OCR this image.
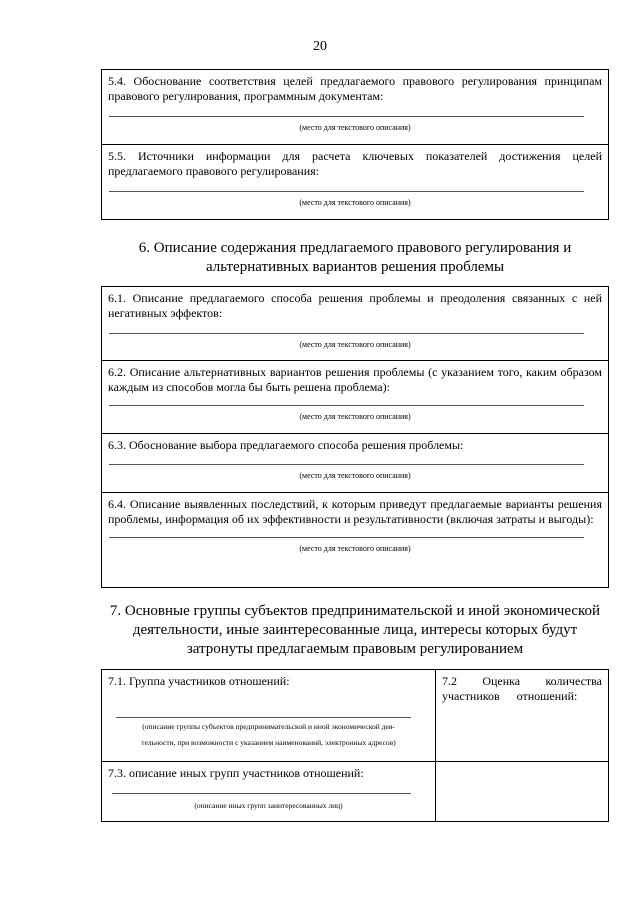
20
5.4. Обоснование соответствия целей предлагаемого правового регулирования принципам правового регулирования, программным документам:
(место для текстового описания)
5.5. Источники информации для расчета ключевых показателей достижения целей предлагаемого правового регулирования:
(место для текстового описания)
6. Описание содержания предлагаемого правового регулирования и
альтернативных вариантов решения проблемы
6.1. Описание предлагаемого способа решения проблемы и преодоления связанных с ней негативных эффектов:
(место для текстового описания)
6.2. Описание альтернативных вариантов решения проблемы (с указанием того, каким образом каждым из способов могла бы быть решена проблема):
(место для текстового описания)
6.3. Обоснование выбора предлагаемого способа решения проблемы:
(место для текстового описания)
6.4. Описание выявленных последствий, к которым приведут предлагаемые варианты решения проблемы, информация об их эффективности и результативности (включая затраты и выгоды):
(место для текстового описания)
7. Основные группы субъектов предпринимательской и иной экономической
деятельности, иные заинтересованные лица, интересы которых будут
затронуты предлагаемым правовым регулированием
7.1. Группа участников отношений:
(описание группы субъектов предпринимательской и иной экономической дея-
тельности, при возможности с указанием наименований, электронных адресов)
7.2 Оценка количества участников отношений:
7.3. описание иных групп участников отношений:
(описание иных групп заинтересованных лиц)
